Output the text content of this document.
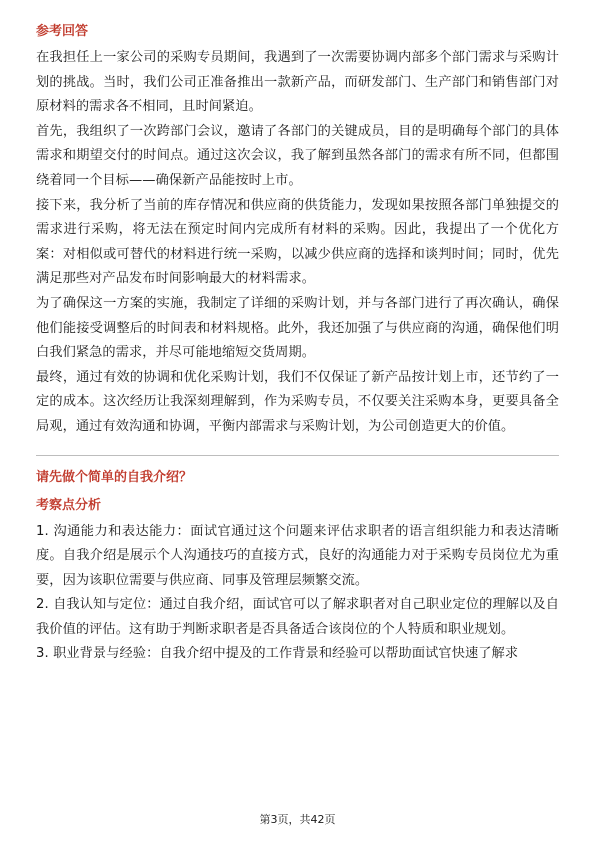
参考回答

在我担任上一家公司的采购专员期间，我遇到了一次需要协调内部多个部门需求与采购计划的挑战。当时，我们公司正准备推出一款新产品，而研发部门、生产部门和销售部门对原材料的需求各不相同，且时间紧迫。

首先，我组织了一次跨部门会议，邀请了各部门的关键成员，目的是明确每个部门的具体需求和期望交付的时间点。通过这次会议，我了解到虽然各部门的需求有所不同，但都围绕着同一个目标——确保新产品能按时上市。

接下来，我分析了当前的库存情况和供应商的供货能力，发现如果按照各部门单独提交的需求进行采购，将无法在预定时间内完成所有材料的采购。因此，我提出了一个优化方案：对相似或可替代的材料进行统一采购，以减少供应商的选择和谈判时间；同时，优先满足那些对产品发布时间影响最大的材料需求。

为了确保这一方案的实施，我制定了详细的采购计划，并与各部门进行了再次确认，确保他们能接受调整后的时间表和材料规格。此外，我还加强了与供应商的沟通，确保他们明白我们紧急的需求，并尽可能地缩短交货周期。

最终，通过有效的协调和优化采购计划，我们不仅保证了新产品按计划上市，还节约了一定的成本。这次经历让我深刻理解到，作为采购专员，不仅要关注采购本身，更要具备全局观，通过有效沟通和协调，平衡内部需求与采购计划，为公司创造更大的价值。

请先做个简单的自我介绍？
考察点分析

1. 沟通能力和表达能力：面试官通过这个问题来评估求职者的语言组织能力和表达清晰度。自我介绍是展示个人沟通技巧的直接方式，良好的沟通能力对于采购专员岗位尤为重要，因为该职位需要与供应商、同事及管理层频繁交流。

2. 自我认知与定位：通过自我介绍，面试官可以了解求职者对自己职业定位的理解以及自我价值的评估。这有助于判断求职者是否具备适合该岗位的个人特质和职业规划。

3. 职业背景与经验：自我介绍中提及的工作背景和经验可以帮助面试官快速了解求

第3页，共42页
